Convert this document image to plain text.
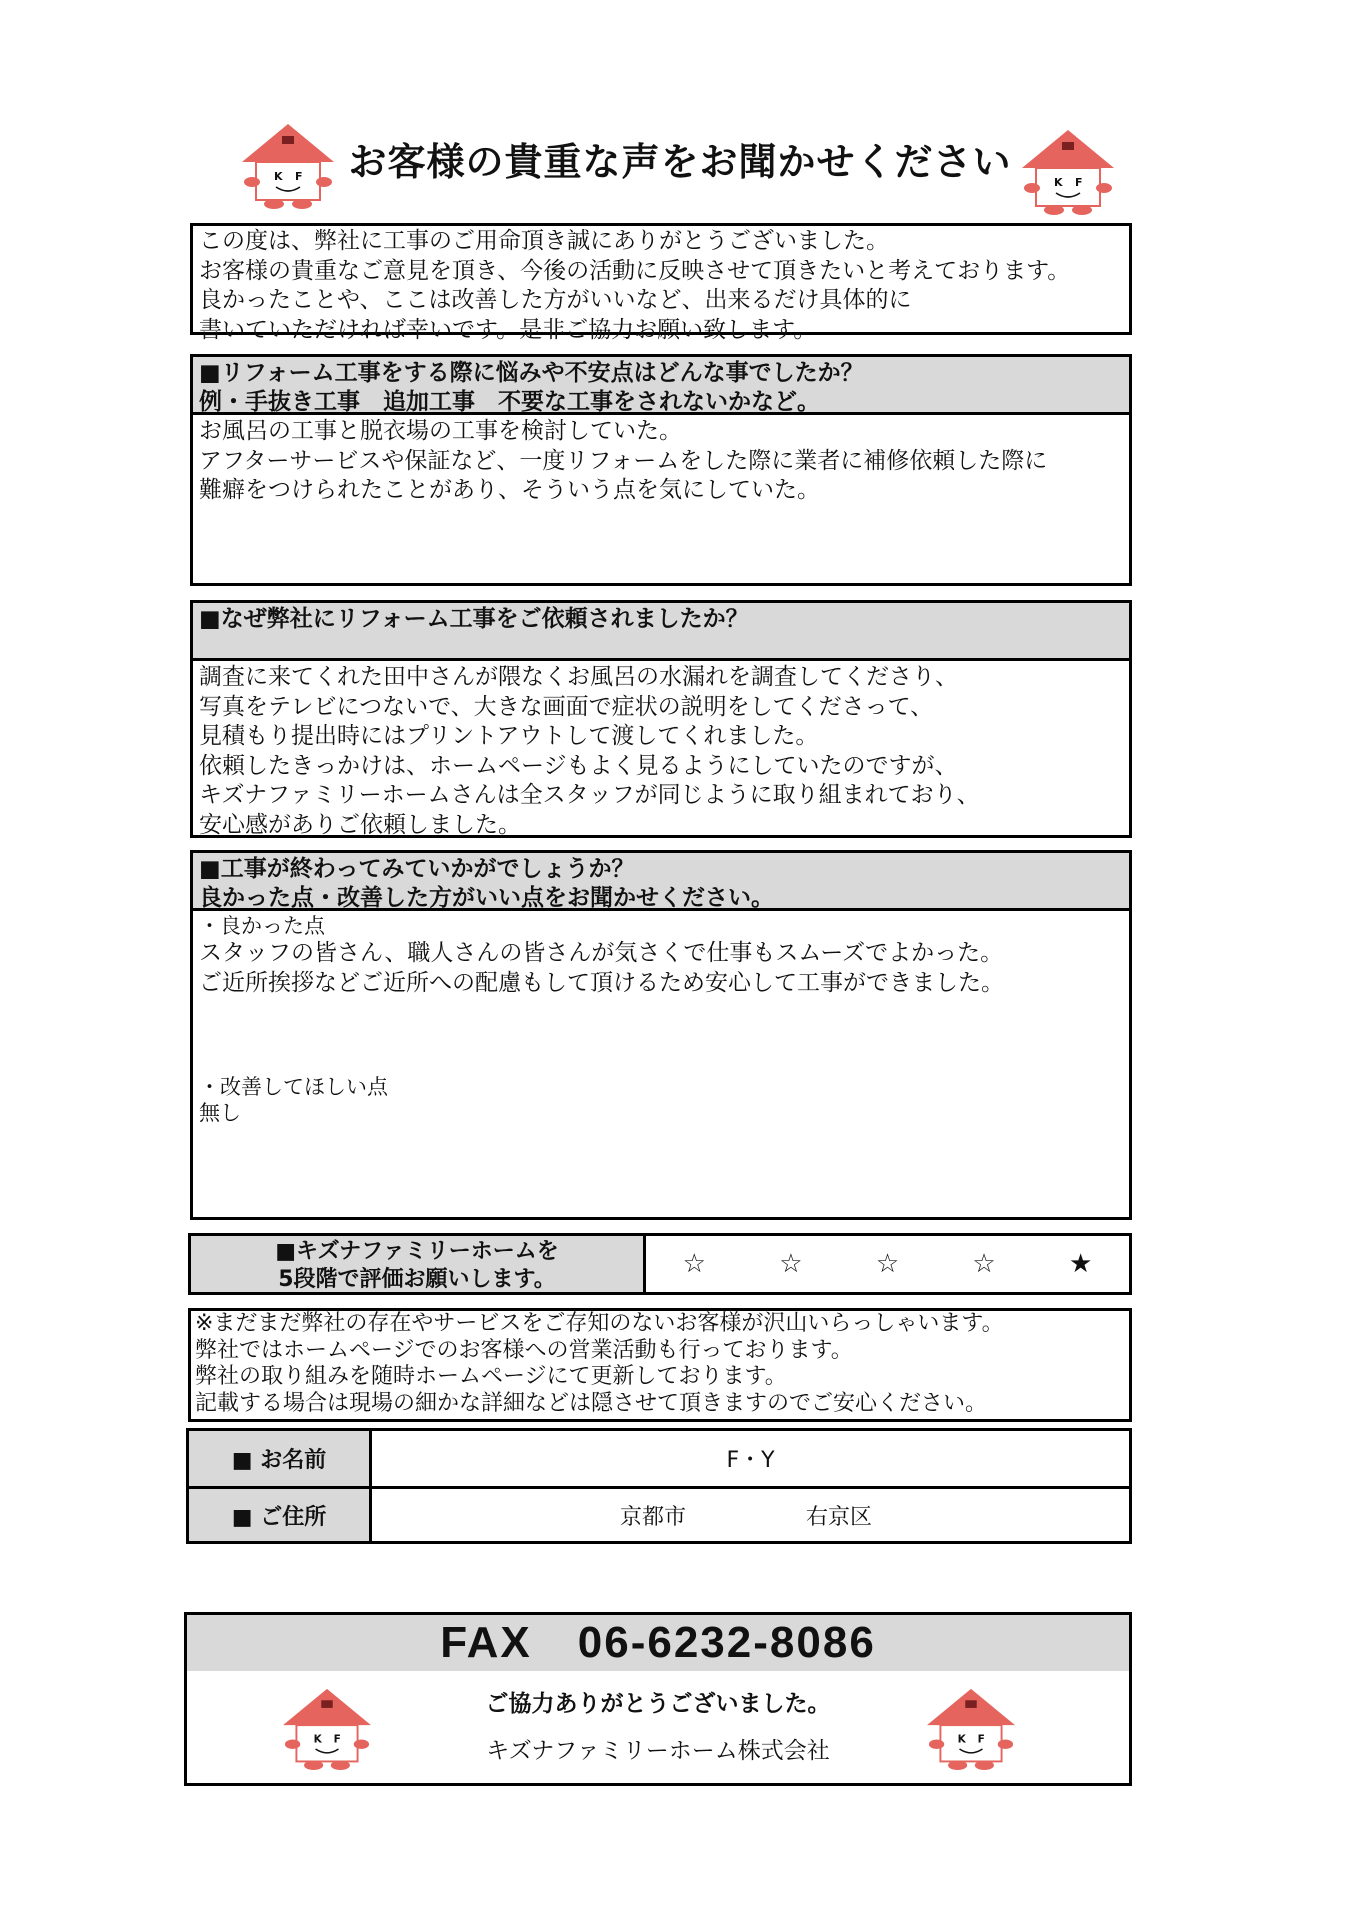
K F	お客様の貴重な声をお聞かせください	K F
この度は、弊社に工事のご用命頂き誠にありがとうございました。
お客様の貴重なご意見を頂き、今後の活動に反映させて頂きたいと考えております。
良かったことや、ここは改善した方がいいなど、出来るだけ具体的に
書いていただければ幸いです。是非ご協力お願い致します。
■リフォーム工事をする際に悩みや不安点はどんな事でしたか？
例・手抜き工事　追加工事　不要な工事をされないかなど。
お風呂の工事と脱衣場の工事を検討していた。
アフターサービスや保証など、一度リフォームをした際に業者に補修依頼した際に
難癖をつけられたことがあり、そういう点を気にしていた。
■なぜ弊社にリフォーム工事をご依頼されましたか？
調査に来てくれた田中さんが隈なくお風呂の水漏れを調査してくださり、
写真をテレビにつないで、大きな画面で症状の説明をしてくださって、
見積もり提出時にはプリントアウトして渡してくれました。
依頼したきっかけは、ホームページもよく見るようにしていたのですが、
キズナファミリーホームさんは全スタッフが同じように取り組まれており、
安心感がありご依頼しました。
■工事が終わってみていかがでしょうか？
良かった点・改善した方がいい点をお聞かせください。
・良かった点
スタッフの皆さん、職人さんの皆さんが気さくで仕事もスムーズでよかった。
ご近所挨拶などご近所への配慮もして頂けるため安心して工事ができました。
・改善してほしい点
無し
■キズナファミリーホームを
5段階で評価お願いします。
☆	☆	☆	☆	★
※まだまだ弊社の存在やサービスをご存知のないお客様が沢山いらっしゃいます。
弊社ではホームページでのお客様への営業活動も行っております。
弊社の取り組みを随時ホームページにて更新しております。
記載する場合は現場の細かな詳細などは隠させて頂きますのでご安心ください。
■ お名前	F・Y
■ ご住所	京都市	右京区
FAX　06-6232-8086
ご協力ありがとうございました。
キズナファミリーホーム株式会社
K F	K F
